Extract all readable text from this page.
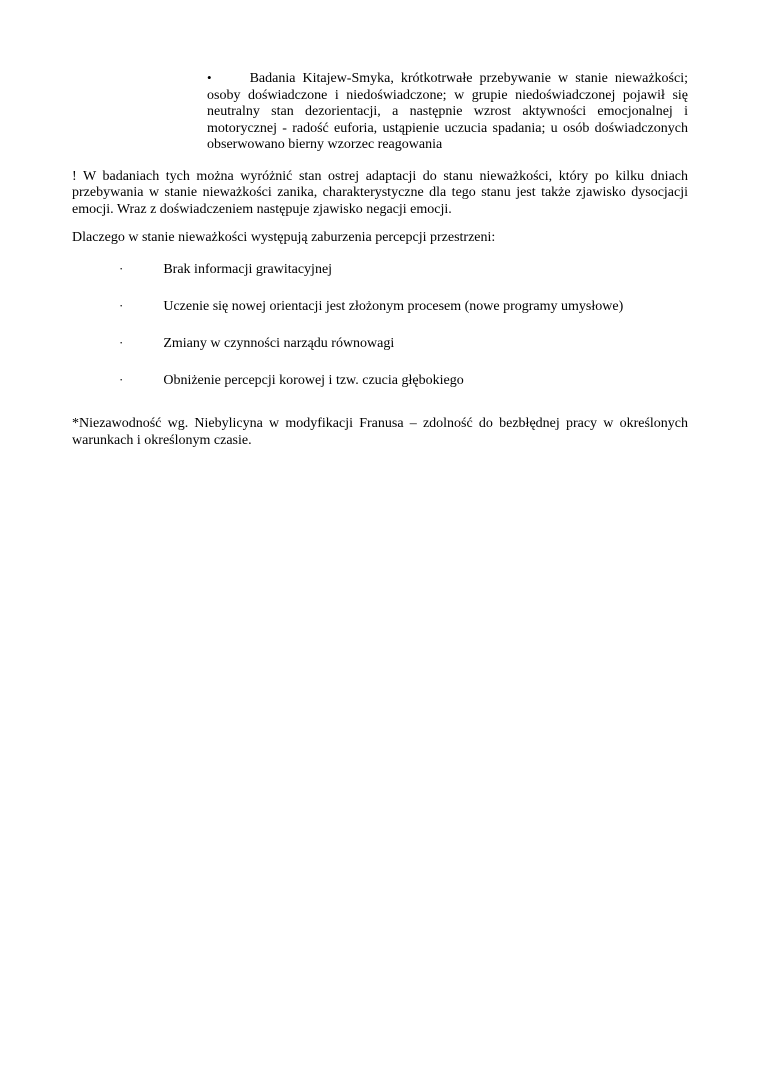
•	Badania Kitajew-Smyka, krótkotrwałe przebywanie w stanie nieważkości; osoby doświadczone i niedoświadczone; w grupie niedoświadczonej pojawił się neutralny stan dezorientacji, a następnie wzrost aktywności emocjonalnej i motorycznej - radość euforia, ustąpienie uczucia spadania; u osób doświadczonych obserwowano bierny wzorzec reagowania

! W badaniach tych można wyróżnić stan ostrej adaptacji do stanu nieważkości, który po kilku dniach przebywania w stanie nieważkości zanika, charakterystyczne dla tego stanu jest także zjawisko dysocjacji emocji. Wraz z doświadczeniem następuje zjawisko negacji emocji.

Dlaczego w stanie nieważkości występują zaburzenia percepcji przestrzeni:

·	Brak informacji grawitacyjnej
·	Uczenie się nowej orientacji jest złożonym procesem (nowe programy umysłowe)
·	Zmiany w czynności narządu równowagi
·	Obniżenie percepcji korowej i tzw. czucia głębokiego

*Niezawodność wg. Niebylicyna w modyfikacji Franusa – zdolność do bezbłędnej pracy w określonych warunkach i określonym czasie.
